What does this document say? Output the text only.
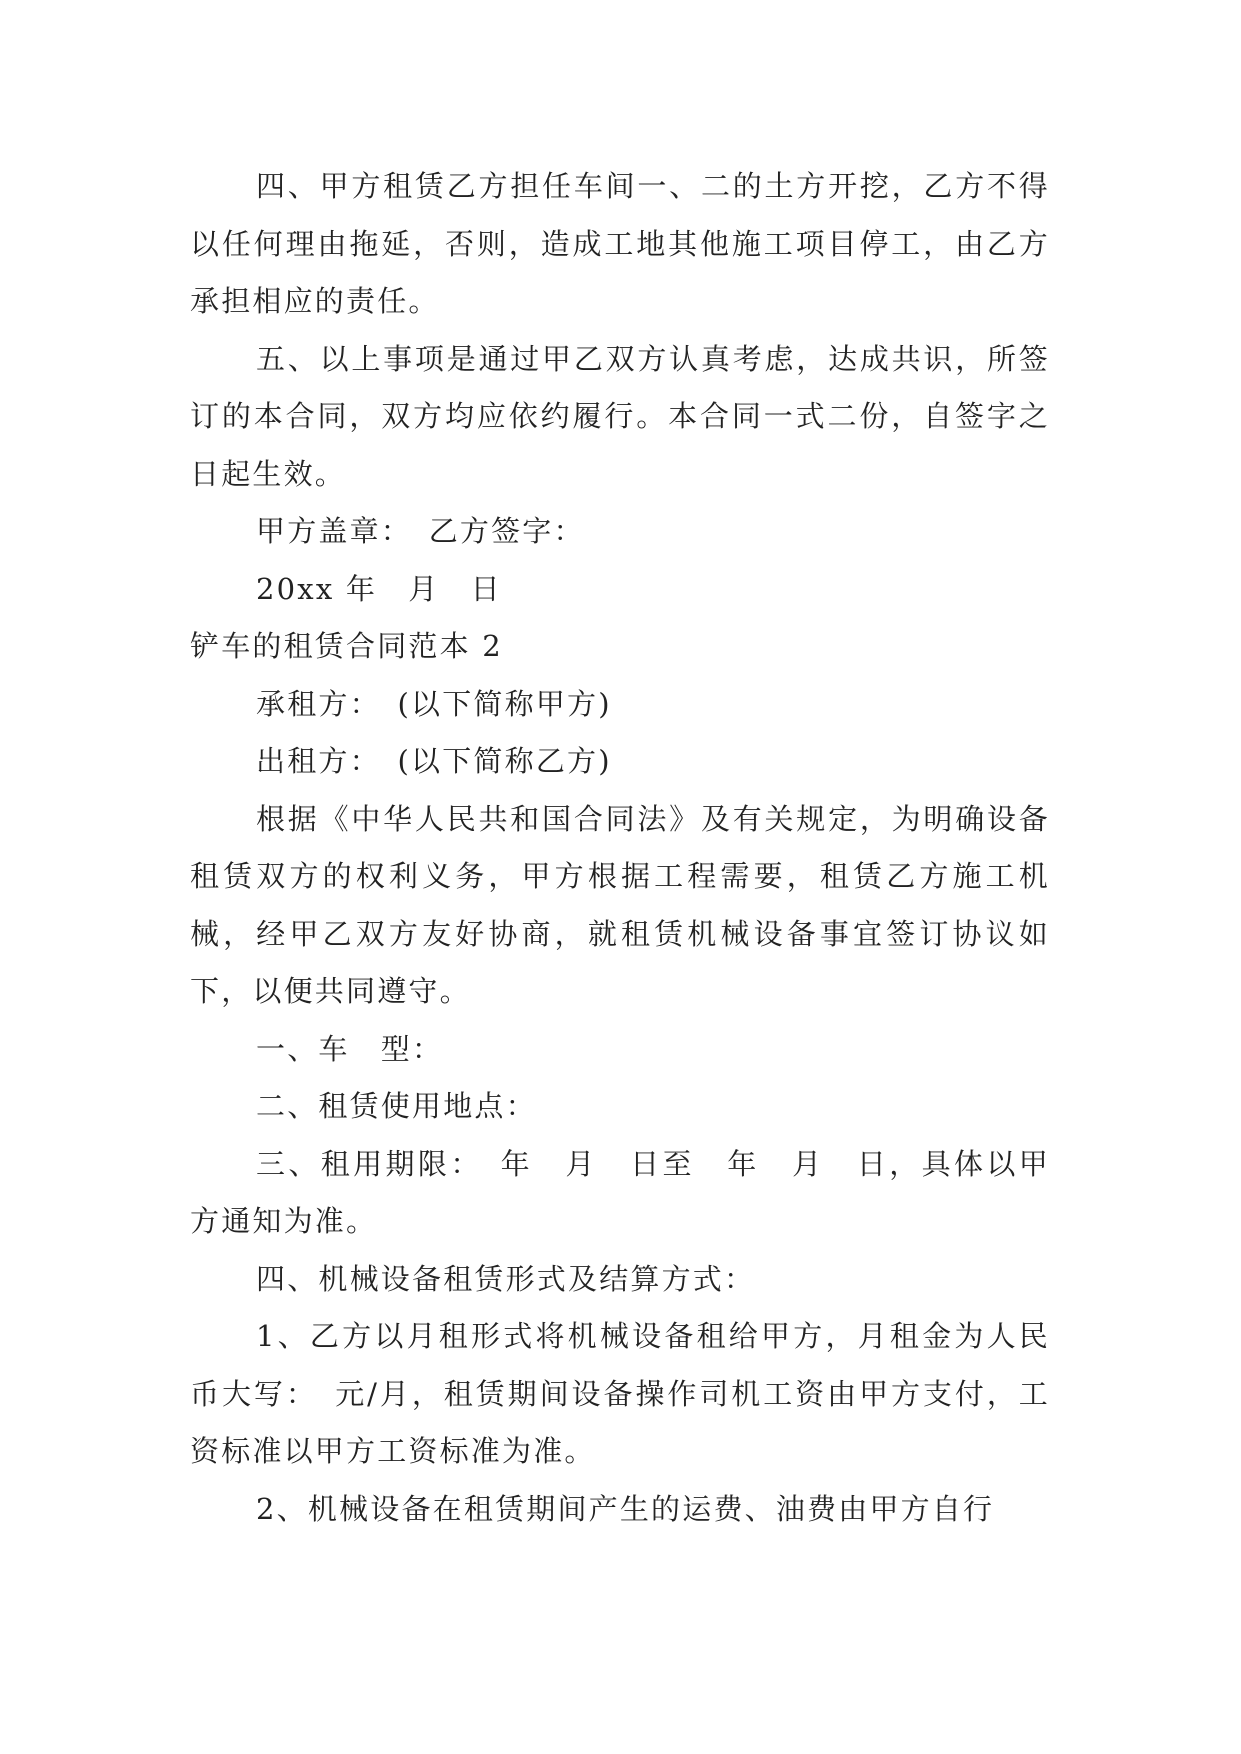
四、甲方租赁乙方担任车间一、二的土方开挖，乙方不得以任何理由拖延，否则，造成工地其他施工项目停工，由乙方承担相应的责任。

五、以上事项是通过甲乙双方认真考虑，达成共识，所签订的本合同，双方均应依约履行。本合同一式二份，自签字之日起生效。

甲方盖章：　乙方签字：

20xx 年　月　日

铲车的租赁合同范本 2

承租方：　(以下简称甲方)

出租方：　(以下简称乙方)

根据《中华人民共和国合同法》及有关规定，为明确设备租赁双方的权利义务，甲方根据工程需要，租赁乙方施工机械，经甲乙双方友好协商，就租赁机械设备事宜签订协议如下，以便共同遵守。

一、车　型：

二、租赁使用地点：

三、租用期限：　年　月　日至　年　月　日，具体以甲方通知为准。

四、机械设备租赁形式及结算方式：

1、乙方以月租形式将机械设备租给甲方，月租金为人民币大写：　元/月，租赁期间设备操作司机工资由甲方支付，工资标准以甲方工资标准为准。

2、机械设备在租赁期间产生的运费、油费由甲方自行
